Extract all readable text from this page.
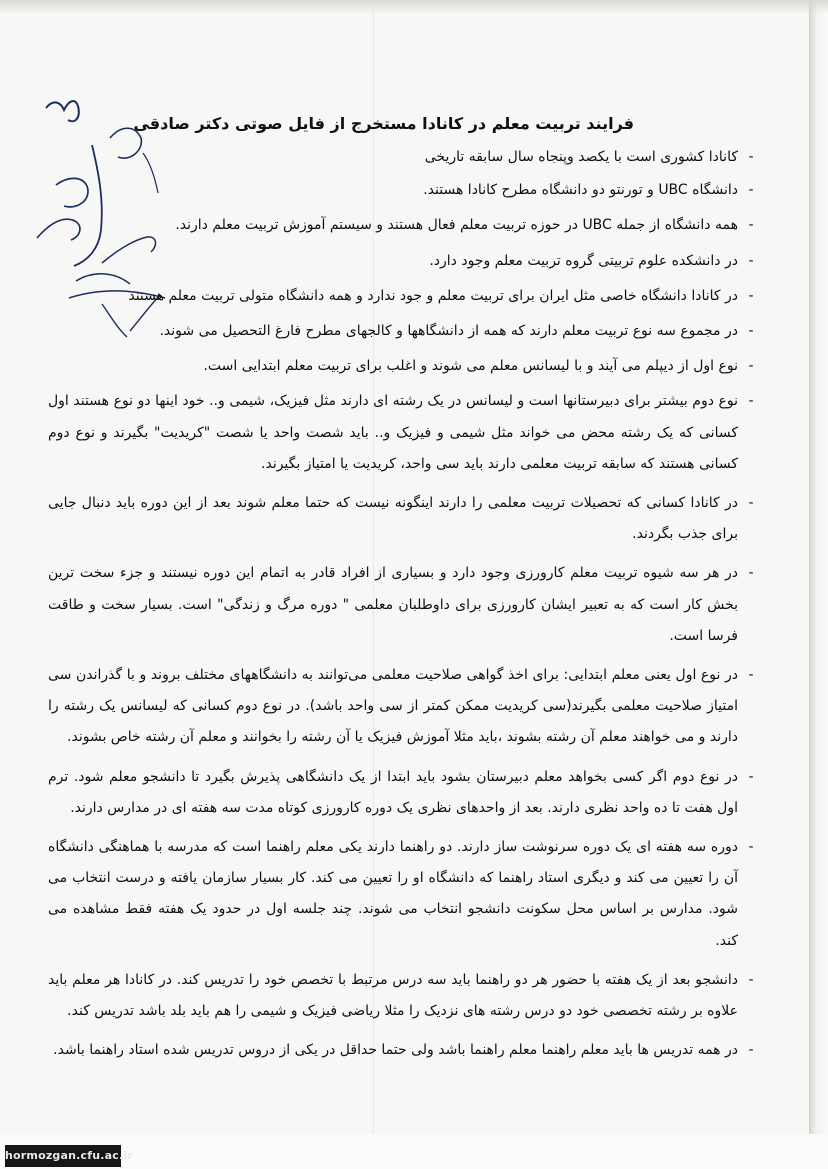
فرایند تربیت معلم در کانادا مستخرج از فایل صوتی دکتر صادقی
-
کانادا کشوری است با یکصد وپنجاه سال سابقه تاریخی
-
دانشگاه UBC و تورنتو دو دانشگاه مطرح کانادا هستند.
-
همه دانشگاه از جمله UBC در حوزه تربیت معلم فعال هستند و سیستم آموزش تربیت معلم دارند.
-
در دانشکده علوم تربیتی گروه تربیت معلم وجود دارد.
-
در کانادا دانشگاه خاصی مثل ایران برای تربیت معلم و جود ندارد و همه دانشگاه متولی تربیت معلم هستند
-
در مجموع سه نوع تربیت معلم دارند که همه از دانشگاهها و کالجهای مطرح فارغ التحصیل می شوند.
-
نوع اول از دیپلم می آیند و با لیسانس معلم می شوند و اغلب برای تربیت معلم ابتدایی است.
-
نوع دوم بیشتر برای دبیرستانها است و لیسانس در یک رشته ای دارند مثل فیزیک، شیمی و.. خود اینها دو نوع هستند اول کسانی که یک رشته محض می خواند مثل شیمی و فیزیک و.. باید شصت واحد یا شصت "کریدیت" بگیرند و نوع دوم کسانی هستند که سابقه تربیت معلمی دارند باید سی واحد، کریدیت یا امتیاز بگیرند.
-
در کانادا کسانی که تحصیلات تربیت معلمی را دارند اینگونه نیست که حتما معلم شوند بعد از این دوره باید دنبال جایی برای جذب بگردند.
-
در هر سه شیوه تربیت معلم کارورزی وجود دارد و بسیاری از افراد قادر به اتمام این دوره نیستند و جزء سخت ترین بخش کار است که به تعبیر ایشان کارورزی برای داوطلبان معلمی " دوره مرگ و زندگی" است. بسیار سخت و طاقت فرسا است.
-
در نوع اول یعنی معلم ابتدایی: برای اخذ گواهی صلاحیت معلمی می‌توانند به دانشگاههای مختلف بروند و با گذراندن سی امتیاز صلاحیت معلمی بگیرند(سی کریدیت ممکن کمتر از سی واحد باشد). در نوع دوم کسانی که لیسانس یک رشته را دارند و می خواهند معلم آن رشته بشوند ،باید مثلا آموزش فیزیک یا آن رشته را بخوانند و معلم آن رشته خاص بشوند.
-
در نوع دوم اگر کسی بخواهد معلم دبیرستان بشود باید ابتدا از یک دانشگاهی پذیرش بگیرد تا دانشجو معلم شود. ترم اول هفت تا ده واحد نظری دارند. بعد از واحدهای نظری یک دوره کارورزی کوتاه مدت سه هفته ای در مدارس دارند.
-
دوره سه هفته ای یک دوره سرنوشت ساز دارند. دو راهنما دارند یکی معلم راهنما است که مدرسه با هماهنگی دانشگاه آن را تعیین می کند و دیگری استاد راهنما که دانشگاه او را تعیین می کند. کار بسیار سازمان یافته و درست انتخاب می شود. مدارس بر اساس محل سکونت دانشجو انتخاب می شوند. چند جلسه اول در حدود یک هفته فقط مشاهده می کند.
-
دانشجو بعد از یک هفته با حضور هر دو راهنما باید سه درس مرتبط با تخصص خود را تدریس کند. در کانادا هر معلم باید علاوه بر رشته تخصصی خود دو درس رشته های نزدیک را مثلا ریاضی فیزیک و شیمی را هم باید بلد باشد تدریس کند.
-
در همه تدریس ها باید معلم راهنما معلم راهنما باشد ولی حتما حداقل در یکی از دروس تدریس شده استاد راهنما باشد.
hormozgan.cfu.ac.ir
